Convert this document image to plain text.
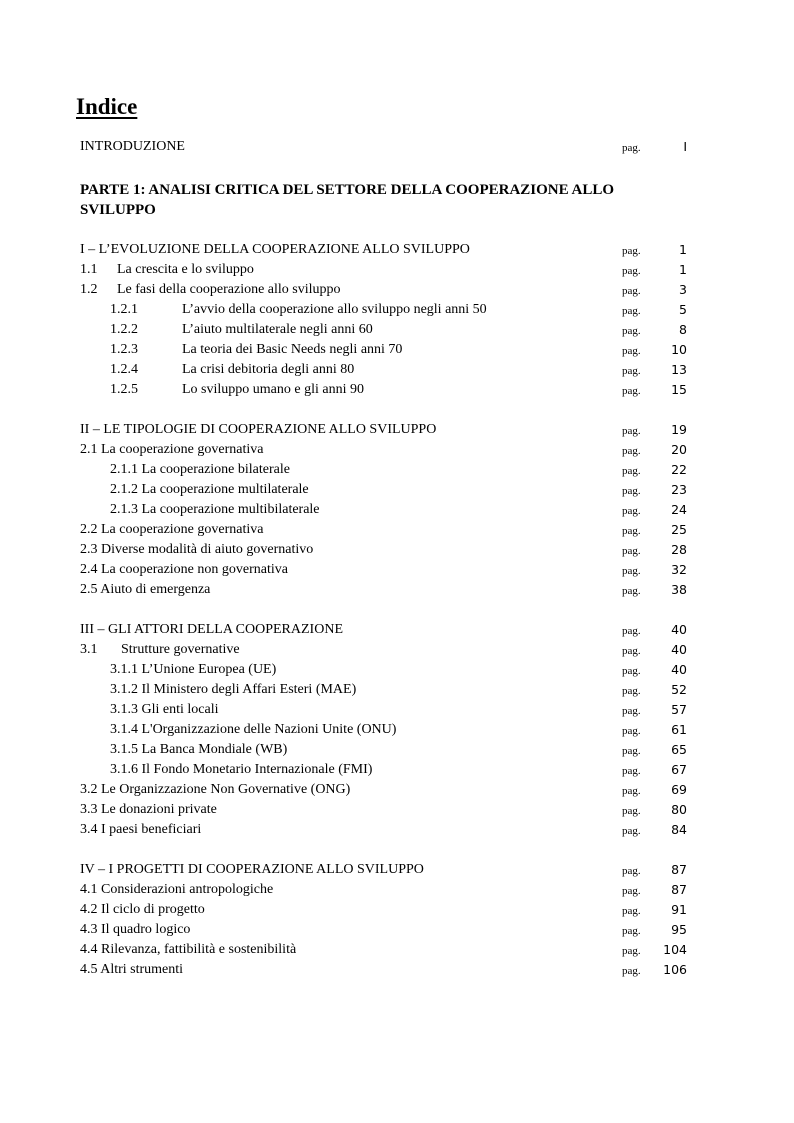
Indice
INTRODUZIONE	pag.	I
PARTE 1: ANALISI CRITICA DEL SETTORE DELLA COOPERAZIONE ALLO SVILUPPO
I – L’EVOLUZIONE DELLA COOPERAZIONE ALLO SVILUPPO	pag.	1
1.1 La crescita e lo sviluppo	pag.	1
1.2 Le fasi della cooperazione allo sviluppo	pag.	3
1.2.1	L’avvio della cooperazione allo sviluppo negli anni 50	pag.	5
1.2.2	L’aiuto multilaterale negli anni 60	pag.	8
1.2.3	La teoria dei Basic Needs negli anni 70	pag. 10
1.2.4	La crisi debitoria degli anni 80	pag. 13
1.2.5	Lo sviluppo umano e gli anni 90	pag. 15
II – LE TIPOLOGIE DI COOPERAZIONE ALLO SVILUPPO	pag. 19
2.1 La cooperazione governativa	pag. 20
2.1.1 La cooperazione bilaterale	pag. 22
2.1.2 La cooperazione multilaterale	pag. 23
2.1.3 La cooperazione multibilaterale	pag. 24
2.2 La cooperazione governativa	pag. 25
2.3 Diverse modalità di aiuto governativo	pag. 28
2.4 La cooperazione non governativa	pag. 32
2.5 Aiuto di emergenza	pag. 38
III – GLI ATTORI DELLA COOPERAZIONE	pag. 40
3.1 Strutture governative	pag. 40
3.1.1 L’Unione Europea (UE)	pag. 40
3.1.2 Il Ministero degli Affari Esteri (MAE)	pag. 52
3.1.3 Gli enti locali	pag. 57
3.1.4 L'Organizzazione delle Nazioni Unite (ONU)	pag. 61
3.1.5 La Banca Mondiale (WB)	pag. 65
3.1.6 Il Fondo Monetario Internazionale (FMI)	pag. 67
3.2 Le Organizzazione Non Governative (ONG)	pag. 69
3.3 Le donazioni private	pag. 80
3.4 I paesi beneficiari	pag. 84
IV – I PROGETTI DI COOPERAZIONE ALLO SVILUPPO	pag. 87
4.1 Considerazioni antropologiche	pag. 87
4.2 Il ciclo di progetto	pag. 91
4.3 Il quadro logico	pag. 95
4.4 Rilevanza, fattibilità e sostenibilità	pag. 104
4.5 Altri strumenti	pag. 106
